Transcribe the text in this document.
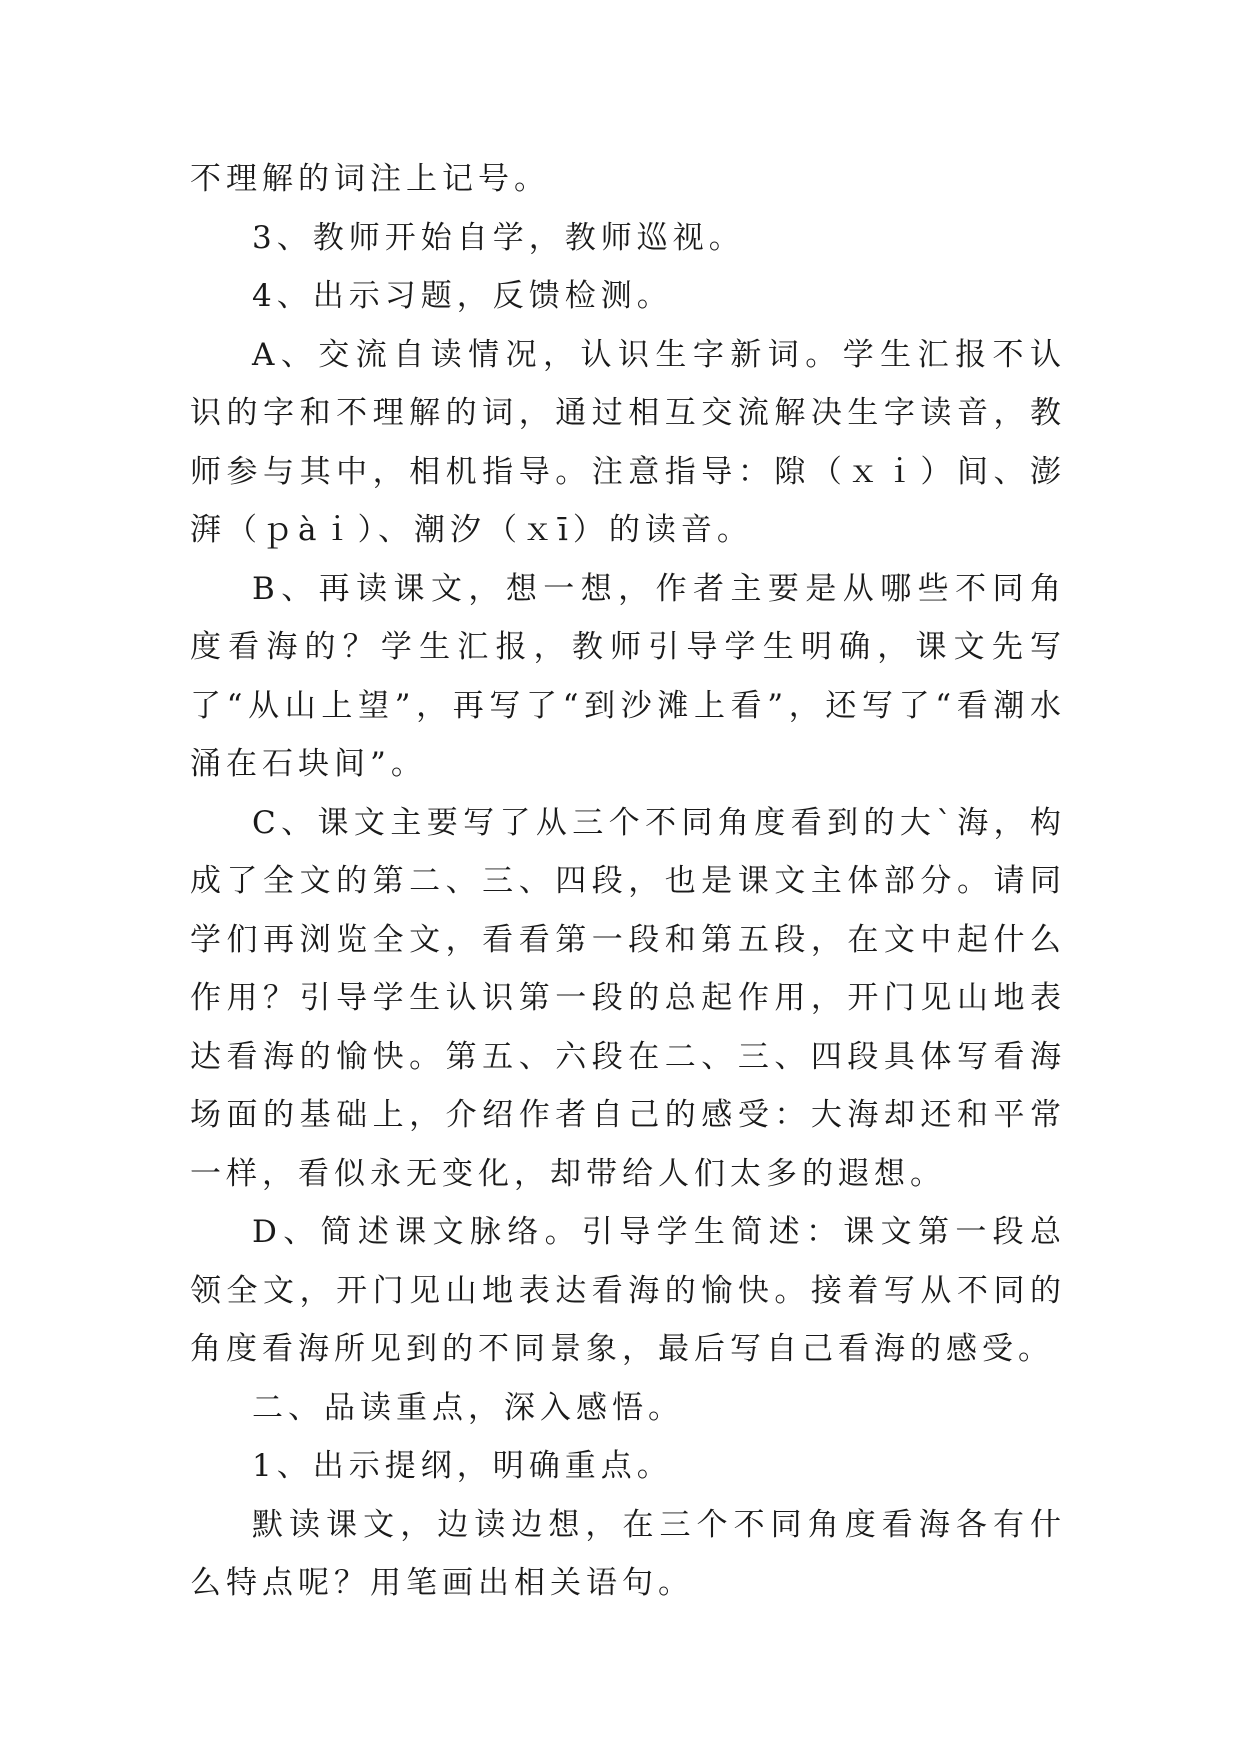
不理解的词注上记号。

3、教师开始自学，教师巡视。

4、出示习题，反馈检测。

A、交流自读情况，认识生字新词。学生汇报不认识的字和不理解的词，通过相互交流解决生字读音，教师参与其中，相机指导。注意指导：隙（ｘｉ）间、澎湃（ｐàｉ）、潮汐（ｘī）的读音。

B、再读课文，想一想，作者主要是从哪些不同角度看海的？学生汇报，教师引导学生明确，课文先写了“从山上望”，再写了“到沙滩上看”，还写了“看潮水涌在石块间”。

C、课文主要写了从三个不同角度看到的大`海，构成了全文的第二、三、四段，也是课文主体部分。请同学们再浏览全文，看看第一段和第五段，在文中起什么作用？引导学生认识第一段的总起作用，开门见山地表达看海的愉快。第五、六段在二、三、四段具体写看海场面的基础上，介绍作者自己的感受：大海却还和平常一样，看似永无变化，却带给人们太多的遐想。

D、简述课文脉络。引导学生简述：课文第一段总领全文，开门见山地表达看海的愉快。接着写从不同的角度看海所见到的不同景象，最后写自己看海的感受。

二、品读重点，深入感悟。

1、出示提纲，明确重点。

默读课文，边读边想，在三个不同角度看海各有什么特点呢？用笔画出相关语句。
